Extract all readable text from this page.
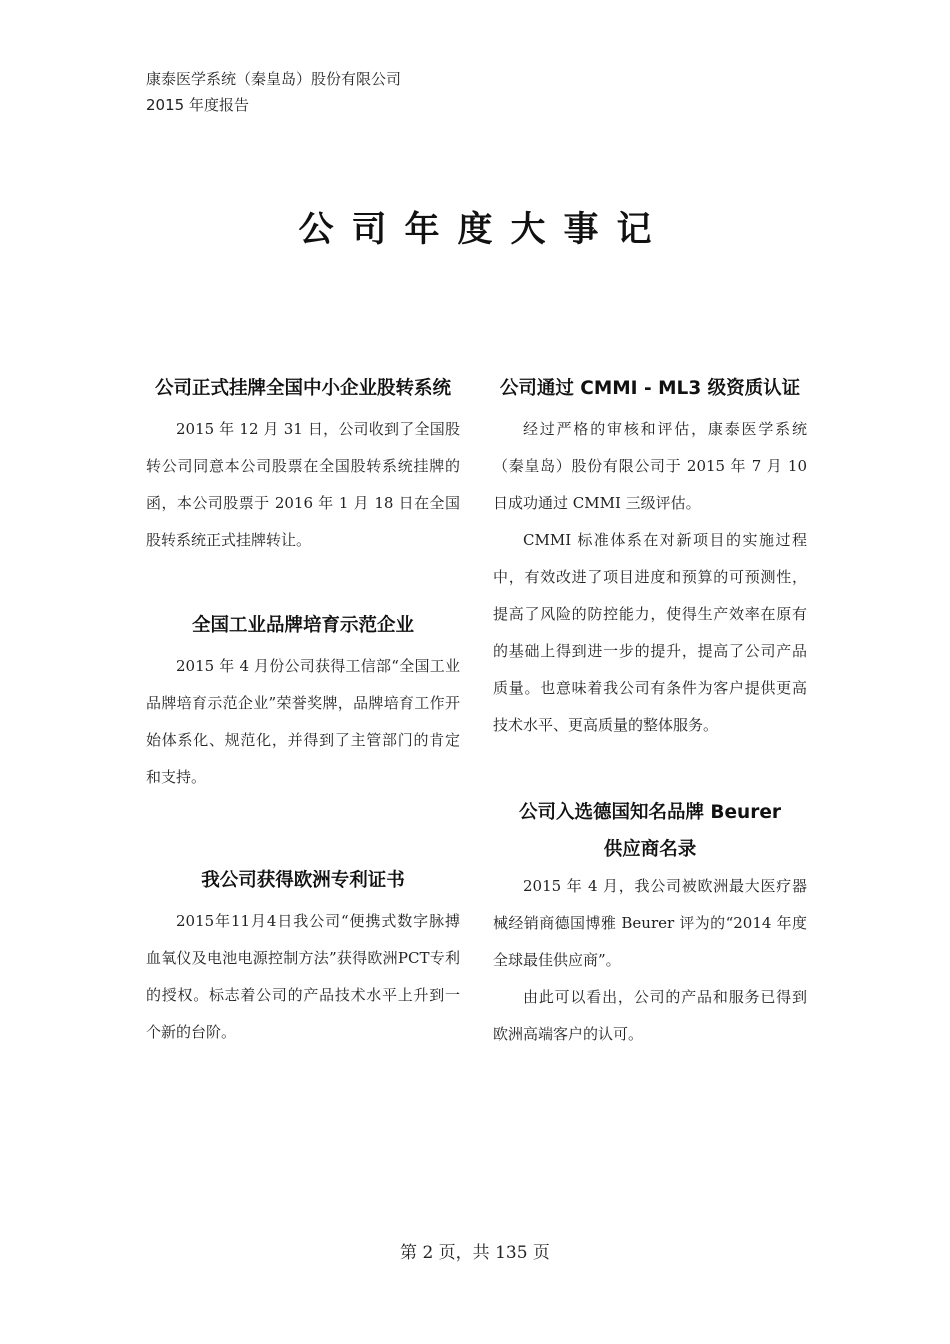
康泰医学系统（秦皇岛）股份有限公司
2015 年度报告
公司年度大事记
公司正式挂牌全国中小企业股转系统

2015 年 12 月 31 日，公司收到了全国股转公司同意本公司股票在全国股转系统挂牌的函，本公司股票于 2016 年 1 月 18 日在全国股转系统正式挂牌转让。

全国工业品牌培育示范企业

2015 年 4 月份公司获得工信部“全国工业品牌培育示范企业”荣誉奖牌，品牌培育工作开始体系化、规范化，并得到了主管部门的肯定和支持。

我公司获得欧洲专利证书

2015年11月4日我公司“便携式数字脉搏血氧仪及电池电源控制方法”获得欧洲PCT专利的授权。标志着公司的产品技术水平上升到一个新的台阶。

公司通过 CMMI - ML3 级资质认证

经过严格的审核和评估，康泰医学系统（秦皇岛）股份有限公司于 2015 年 7 月 10 日成功通过 CMMI 三级评估。

CMMI 标准体系在对新项目的实施过程中，有效改进了项目进度和预算的可预测性，提高了风险的防控能力，使得生产效率在原有的基础上得到进一步的提升，提高了公司产品质量。也意味着我公司有条件为客户提供更高技术水平、更高质量的整体服务。

公司入选德国知名品牌 Beurer
供应商名录

2015 年 4 月，我公司被欧洲最大医疗器械经销商德国博雅 Beurer 评为的“2014 年度全球最佳供应商”。

由此可以看出，公司的产品和服务已得到欧洲高端客户的认可。

第 2 页，共 135 页
